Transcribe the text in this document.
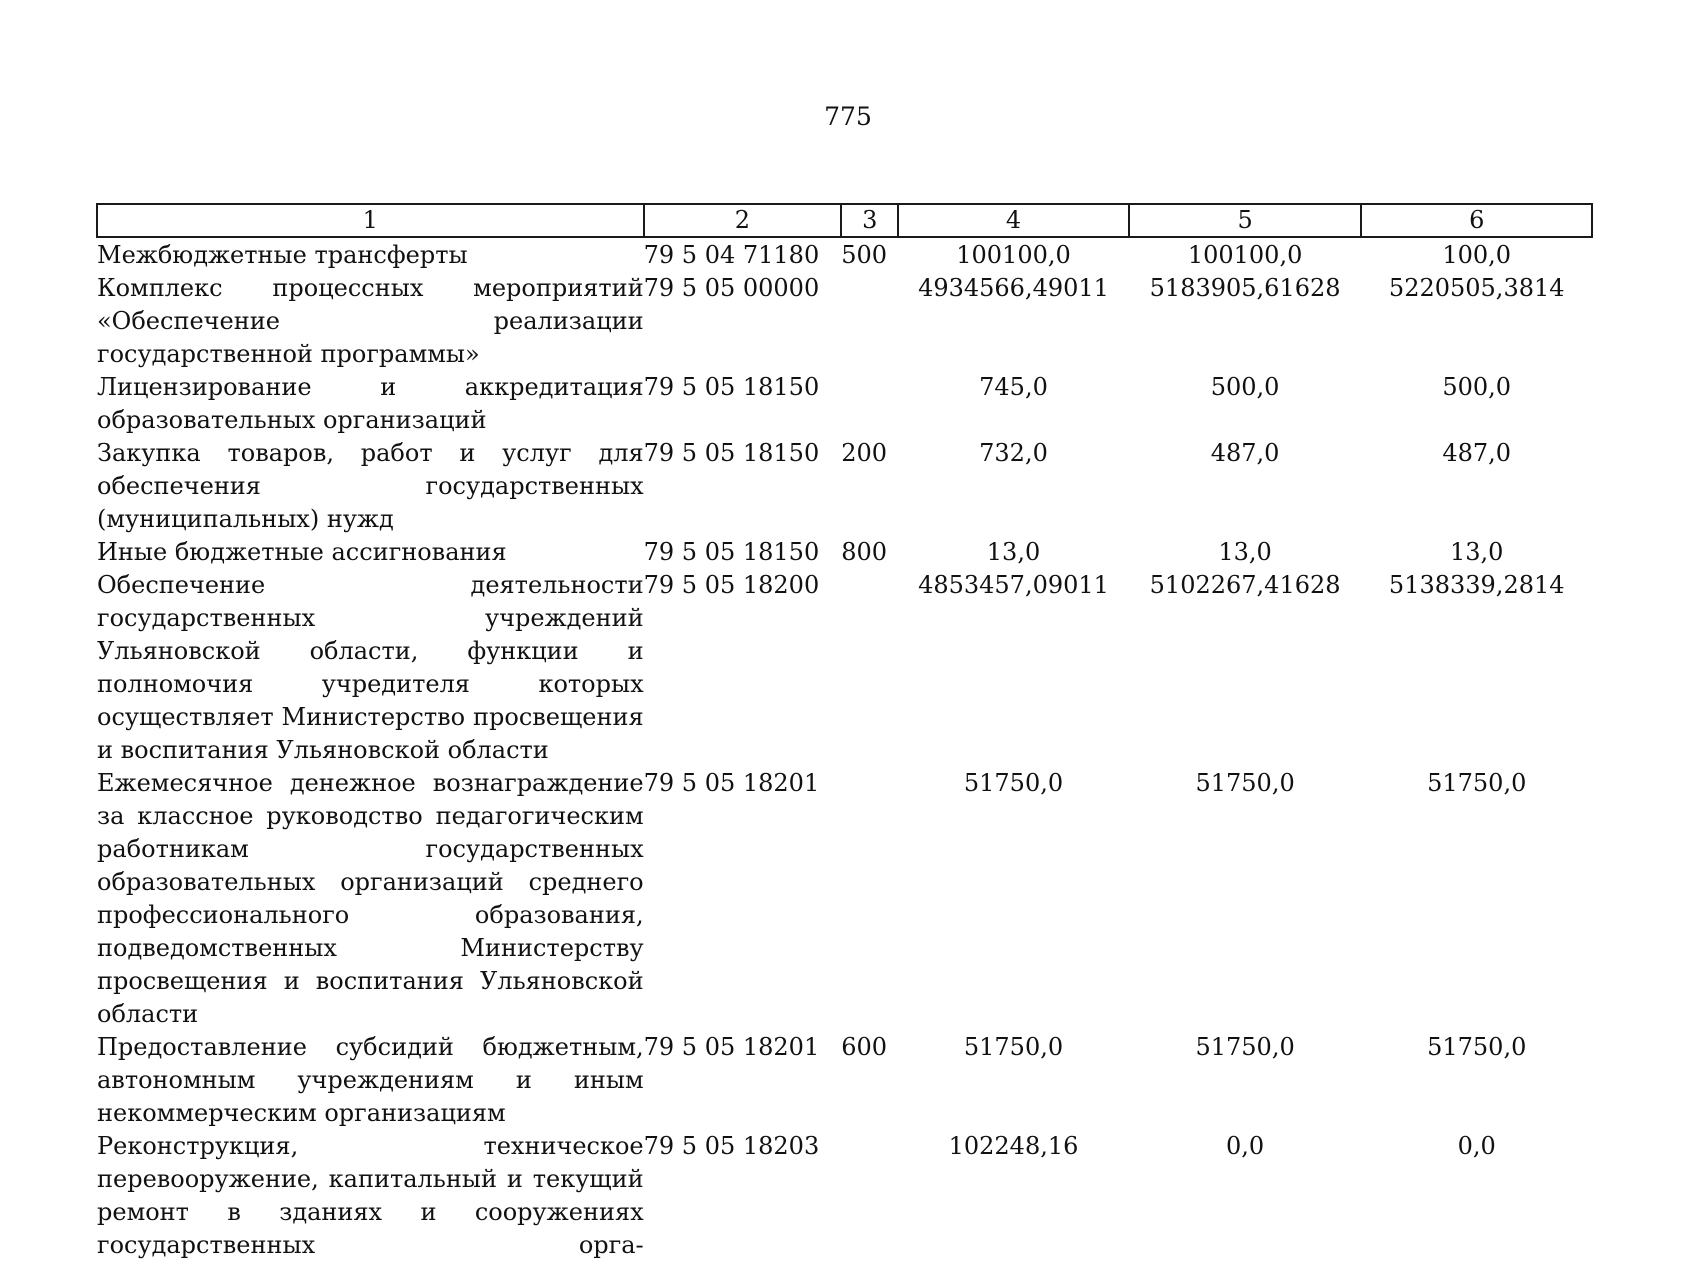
775
1	2	3	4	5	6
Межбюджетные трансферты	79 5 04 71180	500	100100,0	100100,0	100,0
Комплекс процессных мероприятий «Обеспечение реализации государственной программы»	79 5 05 00000		4934566,49011	5183905,61628	5220505,3814
Лицензирование и аккредитация образовательных организаций	79 5 05 18150		745,0	500,0	500,0
Закупка товаров, работ и услуг для обеспечения государственных (муниципальных) нужд	79 5 05 18150	200	732,0	487,0	487,0
Иные бюджетные ассигнования	79 5 05 18150	800	13,0	13,0	13,0
Обеспечение деятельности государственных учреждений Ульяновской области, функции и полномочия учредителя которых осуществляет Министерство просвещения и воспитания Ульяновской области	79 5 05 18200		4853457,09011	5102267,41628	5138339,2814
Ежемесячное денежное вознаграждение за классное руководство педагогическим работникам государственных образовательных организаций среднего профессионального образования, подведомственных Министерству просвещения и воспитания Ульяновской области	79 5 05 18201		51750,0	51750,0	51750,0
Предоставление субсидий бюджетным, автономным учреждениям и иным некоммерческим организациям	79 5 05 18201	600	51750,0	51750,0	51750,0
Реконструкция, техническое перевооружение, капитальный и текущий ремонт в зданиях и сооружениях государственных орга-	79 5 05 18203		102248,16	0,0	0,0
